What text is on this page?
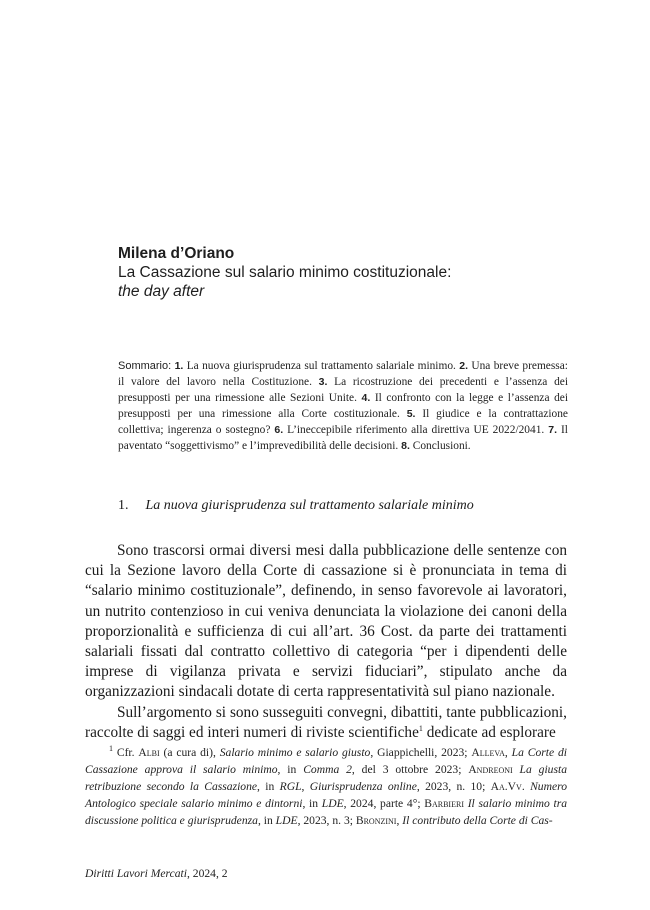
Milena d’Oriano
La Cassazione sul salario minimo costituzionale:
the day after
Sommario: 1. La nuova giurisprudenza sul trattamento salariale minimo. 2. Una breve premessa: il valore del lavoro nella Costituzione. 3. La ricostruzione dei precedenti e l’assenza dei presupposti per una rimessione alle Sezioni Unite. 4. Il confronto con la legge e l’assenza dei presupposti per una rimessione alla Corte costituzionale. 5. Il giudice e la contrattazione collettiva; ingerenza o sostegno? 6. L’ineccepibile riferimento alla direttiva UE 2022/2041. 7. Il paventato “soggettivismo” e l’imprevedibilità delle decisioni. 8. Conclusioni.
1. La nuova giurisprudenza sul trattamento salariale minimo

Sono trascorsi ormai diversi mesi dalla pubblicazione delle sentenze con cui la Sezione lavoro della Corte di cassazione si è pronunciata in tema di “salario minimo costituzionale”, definendo, in senso favorevole ai lavoratori, un nutrito contenzioso in cui veniva denunciata la violazione dei canoni della proporzionalità e sufficienza di cui all’art. 36 Cost. da parte dei trattamenti salariali fissati dal contratto collettivo di categoria “per i dipendenti delle imprese di vigilanza privata e servizi fiduciari”, stipulato anche da organizzazioni sindacali dotate di certa rappresentatività sul piano nazionale.

Sull’argomento si sono susseguiti convegni, dibattiti, tante pubblicazioni, raccolte di saggi ed interi numeri di riviste scientifiche$^1$ dedicate ad esplorare

$^1$ Cfr. Albi (a cura di), Salario minimo e salario giusto, Giappichelli, 2023; Alleva, La Corte di Cassazione approva il salario minimo, in Comma 2, del 3 ottobre 2023; Andreoni La giusta retribuzione secondo la Cassazione, in RGL, Giurisprudenza online, 2023, n. 10; Aa.Vv. Numero Antologico speciale salario minimo e dintorni, in LDE, 2024, parte 4°; Barbieri Il salario minimo tra discussione politica e giurisprudenza, in LDE, 2023, n. 3; Bronzini, Il contributo della Corte di Cas-

Diritti Lavori Mercati, 2024, 2
